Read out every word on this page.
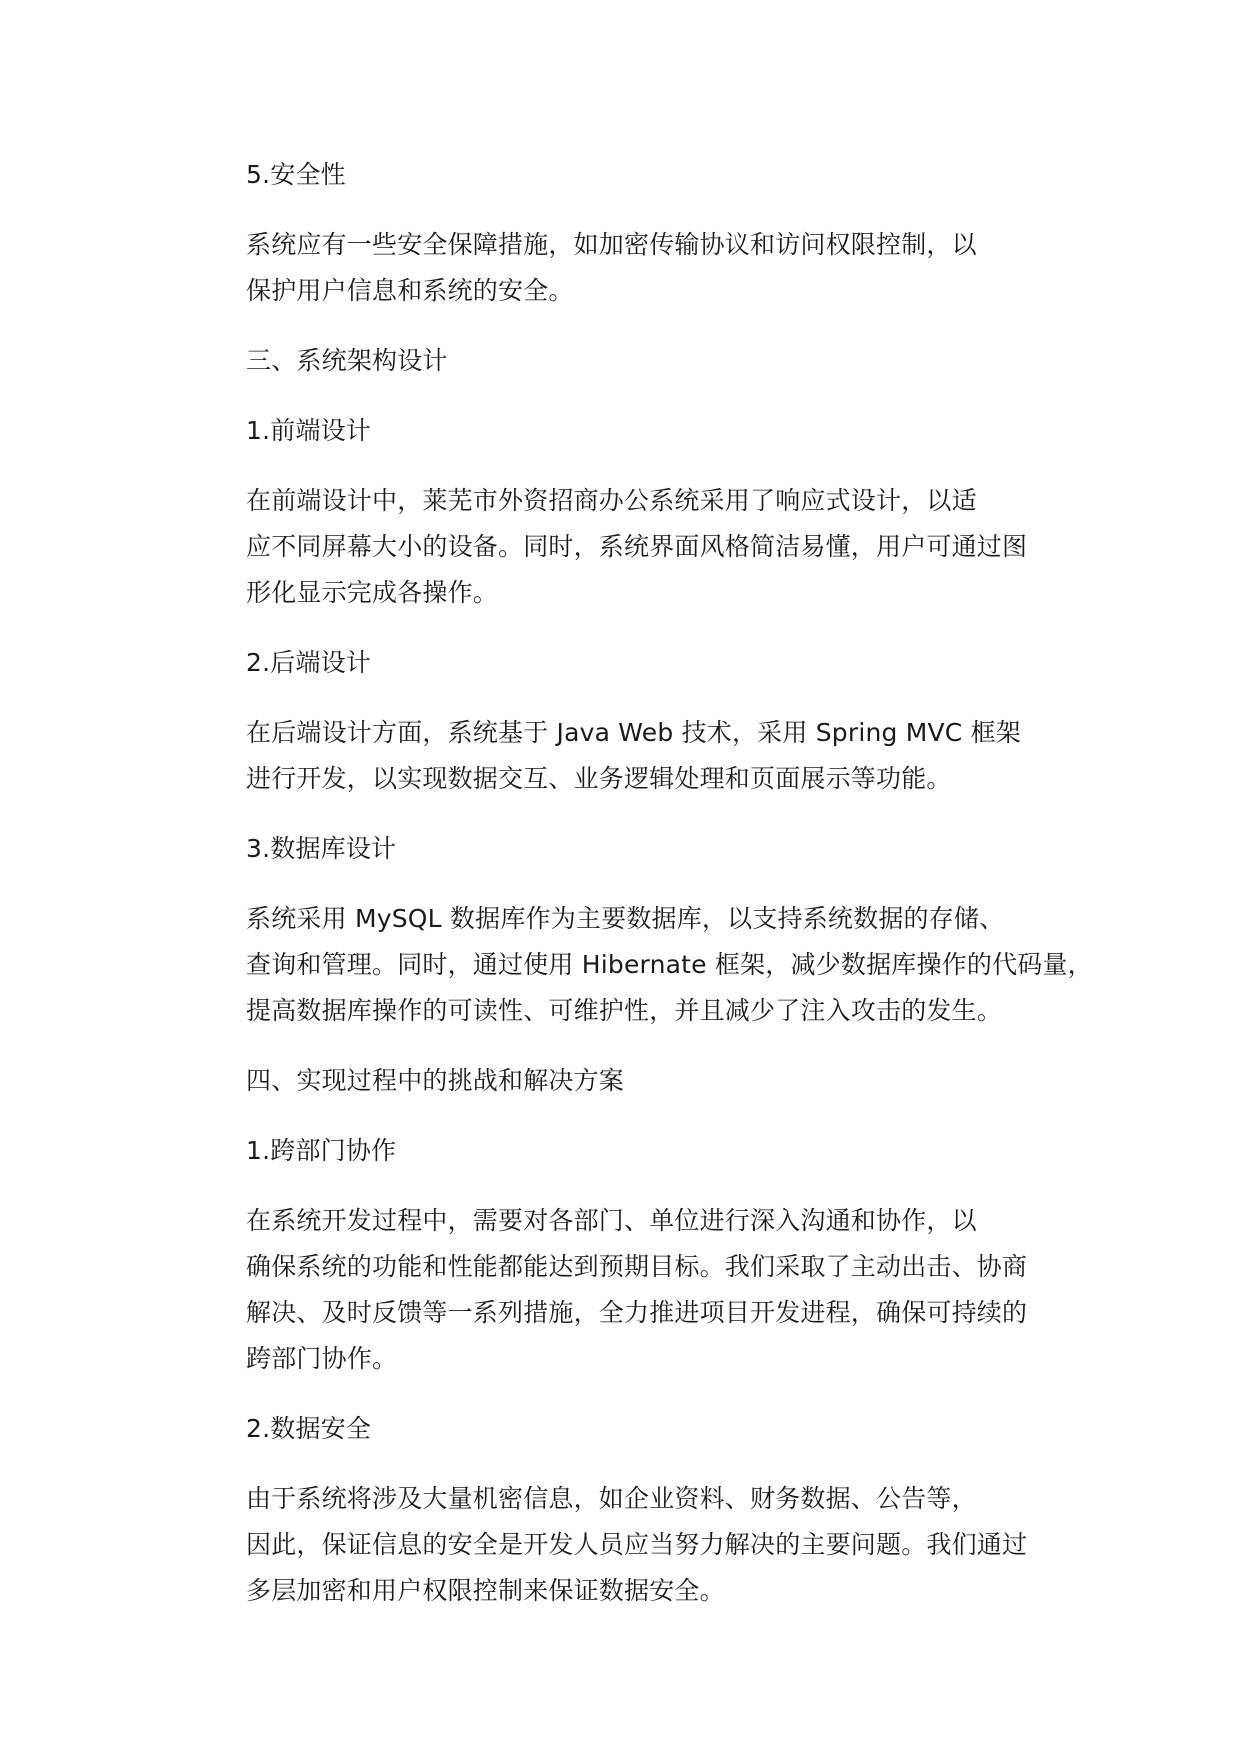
5.安全性
系统应有一些安全保障措施，如加密传输协议和访问权限控制，以
保护用户信息和系统的安全。
三、系统架构设计
1.前端设计
在前端设计中，莱芜市外资招商办公系统采用了响应式设计，以适
应不同屏幕大小的设备。同时，系统界面风格简洁易懂，用户可通过图
形化显示完成各操作。
2.后端设计
在后端设计方面，系统基于 Java Web 技术，采用 Spring MVC 框架
进行开发，以实现数据交互、业务逻辑处理和页面展示等功能。
3.数据库设计
系统采用 MySQL 数据库作为主要数据库，以支持系统数据的存储、
查询和管理。同时，通过使用 Hibernate 框架，减少数据库操作的代码量，
提高数据库操作的可读性、可维护性，并且减少了注入攻击的发生。
四、实现过程中的挑战和解决方案
1.跨部门协作
在系统开发过程中，需要对各部门、单位进行深入沟通和协作，以
确保系统的功能和性能都能达到预期目标。我们采取了主动出击、协商
解决、及时反馈等一系列措施，全力推进项目开发进程，确保可持续的
跨部门协作。
2.数据安全
由于系统将涉及大量机密信息，如企业资料、财务数据、公告等，
因此，保证信息的安全是开发人员应当努力解决的主要问题。我们通过
多层加密和用户权限控制来保证数据安全。
